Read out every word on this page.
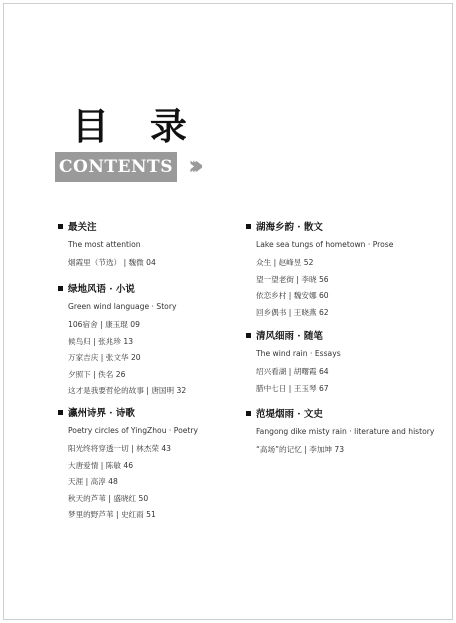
目 录
CONTENTS ›››
最关注
The most attention
烟霞里（节选） | 魏微 04
绿地风语 · 小说
Green wind language · Story
106宿舍 | 康玉琨 09
候鸟归 | 张兆珍 13
万家吉庆 | 张文华 20
夕照下 | 佚名 26
这才是我要哲伦的故事 | 唐国明 32
瀛州诗界 · 诗歌
Poetry circles of YingZhou · Poetry
阳光终将穿透一切 | 林杰荣 43
大唐爱情 | 陈敏 46
天涯 | 高淳 48
秋天的芦苇 | 盛晓红 50
梦里的野芦苇 | 史红雨 51
湖海乡韵 · 散文
Lake sea tungs of hometown · Prose
众生 | 赵峰昱 52
望一望老街 | 李晓 56
依恋乡村 | 魏安娜 60
回乡偶书 | 王晓燕 62
清风细雨 · 随笔
The wind rain · Essays
绍兴看湖 | 胡曙霞 64
腊中七日 | 王玉琴 67
范堤烟雨 · 文史
Fangong dike misty rain · literature and history
“高场”的记忆 | 李加坤 73
